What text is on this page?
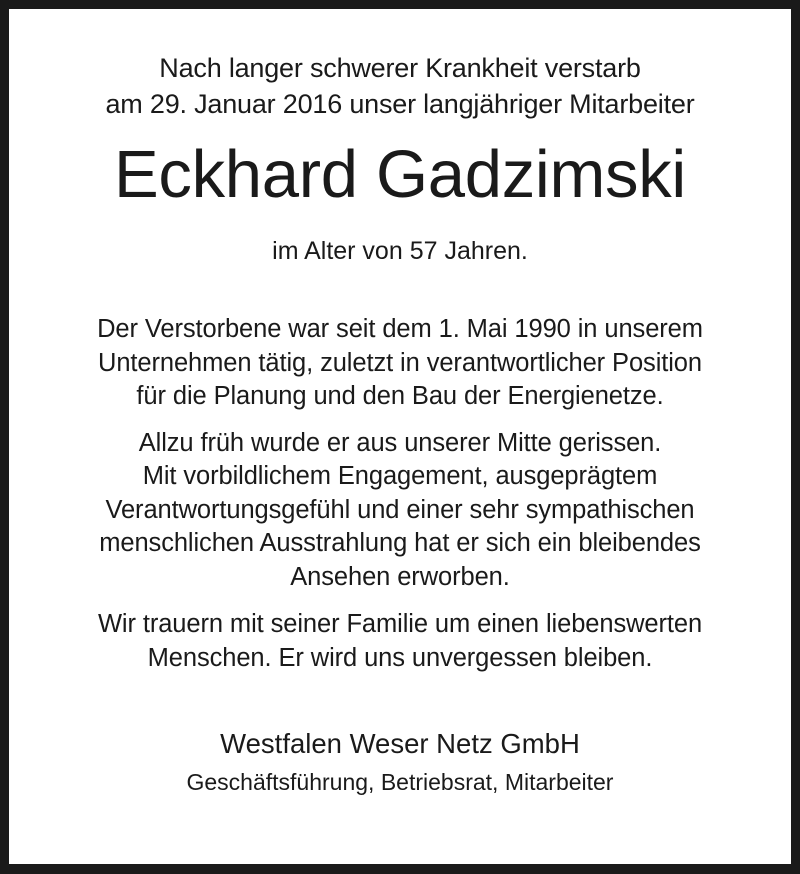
Nach langer schwerer Krankheit verstarb
am 29. Januar 2016 unser langjähriger Mitarbeiter
Eckhard Gadzimski
im Alter von 57 Jahren.
Der Verstorbene war seit dem 1. Mai 1990 in unserem
Unternehmen tätig, zuletzt in verantwortlicher Position
für die Planung und den Bau der Energienetze.
Allzu früh wurde er aus unserer Mitte gerissen.
Mit vorbildlichem Engagement, ausgeprägtem
Verantwortungsgefühl und einer sehr sympathischen
menschlichen Ausstrahlung hat er sich ein bleibendes
Ansehen erworben.
Wir trauern mit seiner Familie um einen liebenswerten
Menschen. Er wird uns unvergessen bleiben.
Westfalen Weser Netz GmbH
Geschäftsführung, Betriebsrat, Mitarbeiter
